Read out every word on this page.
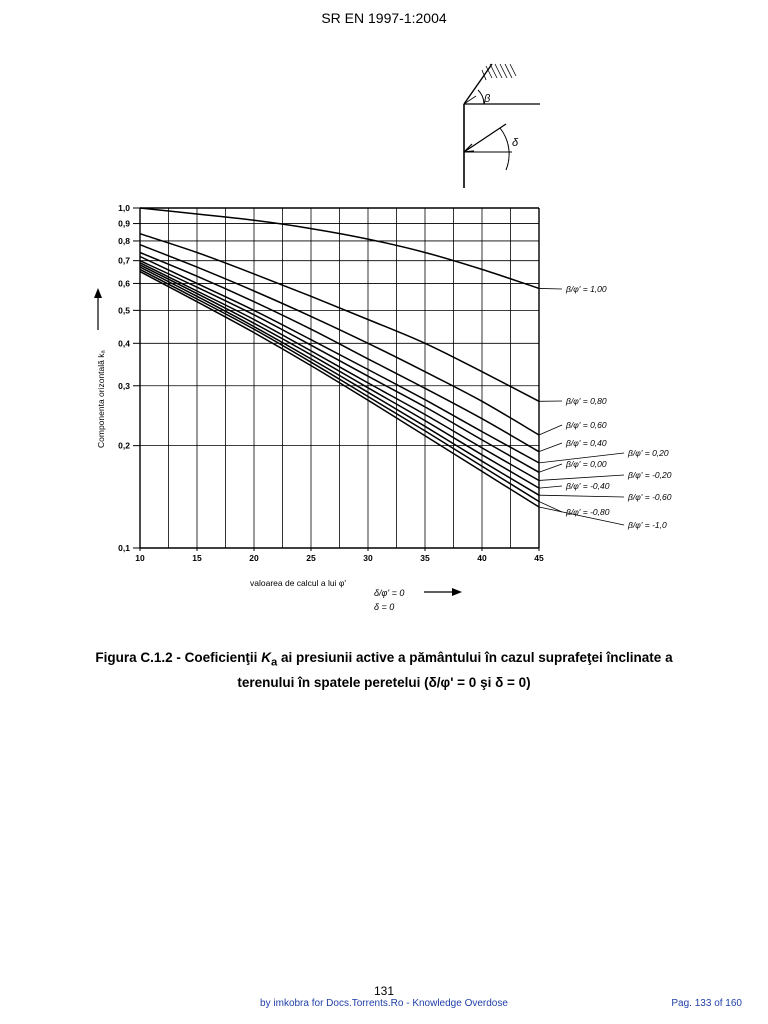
SR EN 1997-1:2004
β
δ
10	15	20	25	30	35	40	45
1,0
0,9
0,8
0,7
0,6
0,5
0,4
0,3
0,2
0,1
β/φ' = 1,00
β/φ' = 0,80
β/φ' = 0,60
β/φ' = 0,40
β/φ' = 0,20
β/φ' = 0,00
β/φ' = -0,20
β/φ' = -0,40
β/φ' = -0,60
β/φ' = -0,80
β/φ' = -1,0
Componenta orizontală kₐ
valoarea de calcul a lui φ'
δ/φ' = 0
δ = 0
Figura C.1.2 - Coeficienţii $K_a$ ai presiunii active a pământului în cazul suprafeţei înclinate a
terenului în spatele peretelui (δ/φ' = 0 şi δ = 0)
131
by imkobra for Docs.Torrents.Ro - Knowledge Overdose	Pag. 133 of 160
